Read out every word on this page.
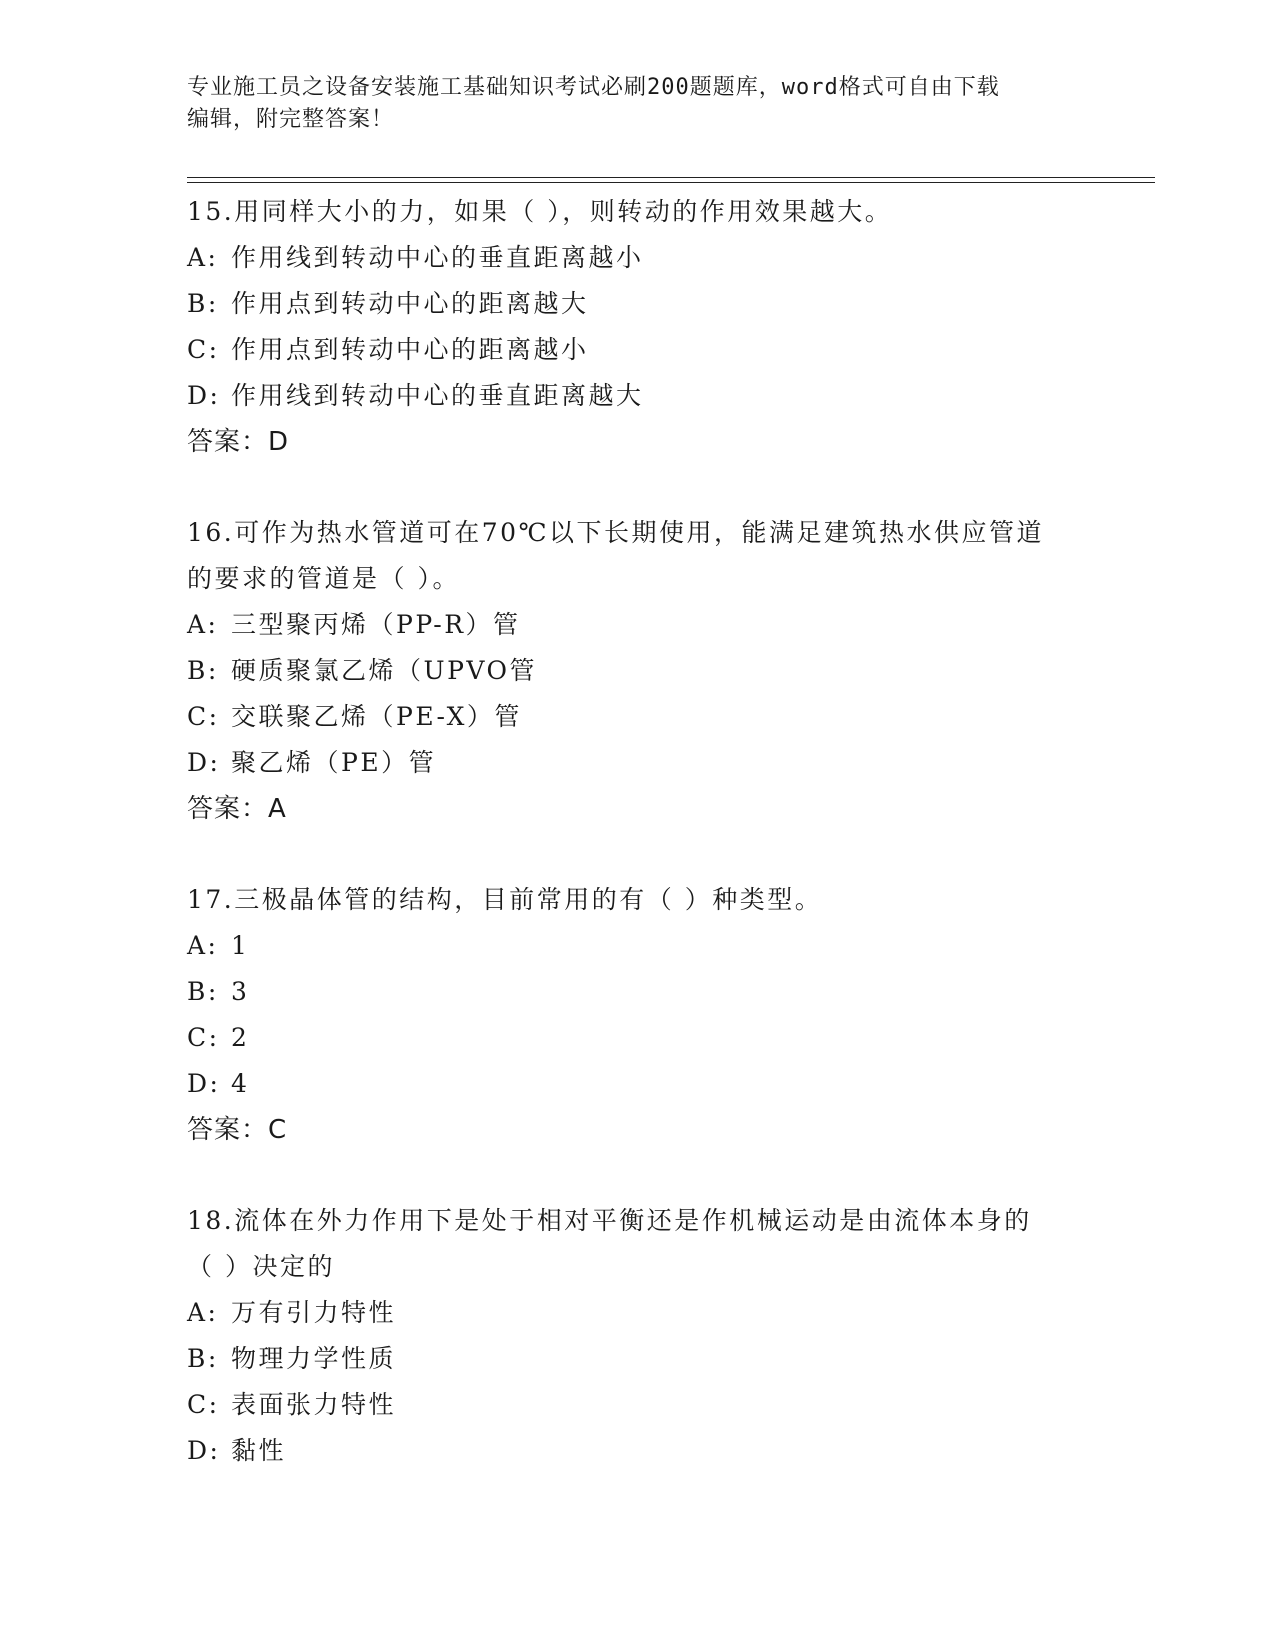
专业施工员之设备安装施工基础知识考试必刷200题题库，word格式可自由下载
编辑，附完整答案！

15.用同样大小的力，如果（ ），则转动的作用效果越大。

A: 作用线到转动中心的垂直距离越小

B: 作用点到转动中心的距离越大

C: 作用点到转动中心的距离越小

D: 作用线到转动中心的垂直距离越大

答案：D

16.可作为热水管道可在70℃以下长期使用，能满足建筑热水供应管道

的要求的管道是（ ）。

A: 三型聚丙烯（PP-R）管

B: 硬质聚氯乙烯（UPVO管

C: 交联聚乙烯（PE-X）管

D: 聚乙烯（PE）管

答案：A

17.三极晶体管的结构，目前常用的有（ ）种类型。

A: 1

B: 3

C: 2

D: 4

答案：C

18.流体在外力作用下是处于相对平衡还是作机械运动是由流体本身的

（ ）决定的

A: 万有引力特性

B: 物理力学性质

C: 表面张力特性

D: 黏性
